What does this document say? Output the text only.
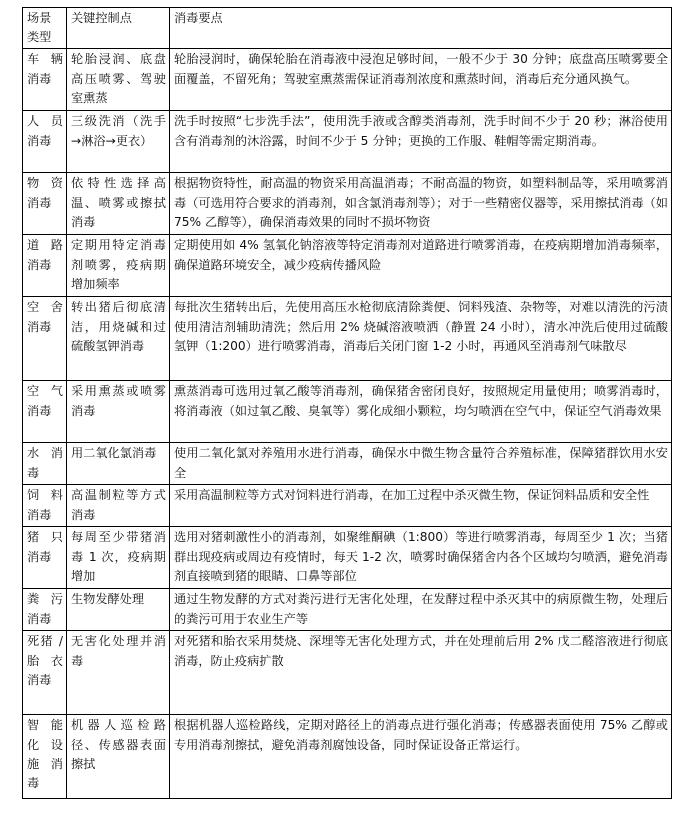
场景类型	关键控制点	消毒要点
车辆消毒	轮胎浸润、底盘高压喷雾、驾驶室熏蒸	轮胎浸润时，确保轮胎在消毒液中浸泡足够时间，一般不少于 30 分钟；底盘高压喷雾要全面覆盖，不留死角；驾驶室熏蒸需保证消毒剂浓度和熏蒸时间，消毒后充分通风换气。
人员消毒	三级洗消（洗手→淋浴→更衣）	洗手时按照“七步洗手法”，使用洗手液或含醇类消毒剂，洗手时间不少于 20 秒；淋浴使用含有消毒剂的沐浴露，时间不少于 5 分钟；更换的工作服、鞋帽等需定期消毒。
物资消毒	依特性选择高温、喷雾或擦拭消毒	根据物资特性，耐高温的物资采用高温消毒；不耐高温的物资，如塑料制品等，采用喷雾消毒（可选用符合要求的消毒剂，如含氯消毒剂等）；对于一些精密仪器等，采用擦拭消毒（如 75% 乙醇等），确保消毒效果的同时不损坏物资
道路消毒	定期用特定消毒剂喷雾，疫病期增加频率	定期使用如 4% 氢氧化钠溶液等特定消毒剂对道路进行喷雾消毒，在疫病期增加消毒频率，确保道路环境安全，减少疫病传播风险
空舍消毒	转出猪后彻底清洁，用烧碱和过硫酸氢钾消毒	每批次生猪转出后，先使用高压水枪彻底清除粪便、饲料残渣、杂物等，对难以清洗的污渍使用清洁剂辅助清洗；然后用 2% 烧碱溶液喷洒（静置 24 小时），清水冲洗后使用过硫酸氢钾（1:200）进行喷雾消毒，消毒后关闭门窗 1-2 小时，再通风至消毒剂气味散尽
空气消毒	采用熏蒸或喷雾消毒	熏蒸消毒可选用过氧乙酸等消毒剂，确保猪舍密闭良好，按照规定用量使用；喷雾消毒时，将消毒液（如过氧乙酸、臭氧等）雾化成细小颗粒，均匀喷洒在空气中，保证空气消毒效果
水消毒	用二氧化氯消毒	使用二氧化氯对养殖用水进行消毒，确保水中微生物含量符合养殖标准，保障猪群饮用水安全
饲料消毒	高温制粒等方式消毒	采用高温制粒等方式对饲料进行消毒，在加工过程中杀灭微生物，保证饲料品质和安全性
猪只消毒	每周至少带猪消毒 1 次，疫病期增加	选用对猪刺激性小的消毒剂，如聚维酮碘（1:800）等进行喷雾消毒，每周至少 1 次；当猪群出现疫病或周边有疫情时，每天 1-2 次，喷雾时确保猪舍内各个区域均匀喷洒，避免消毒剂直接喷到猪的眼睛、口鼻等部位
粪污消毒	生物发酵处理	通过生物发酵的方式对粪污进行无害化处理，在发酵过程中杀灭其中的病原微生物，处理后的粪污可用于农业生产等
死猪 / 胎衣消毒	无害化处理并消毒	对死猪和胎衣采用焚烧、深埋等无害化处理方式，并在处理前后用 2% 戊二醛溶液进行彻底消毒，防止疫病扩散
智能化设施消毒	机器人巡检路径、传感器表面擦拭	根据机器人巡检路线，定期对路径上的消毒点进行强化消毒；传感器表面使用 75% 乙醇或专用消毒剂擦拭，避免消毒剂腐蚀设备，同时保证设备正常运行。
